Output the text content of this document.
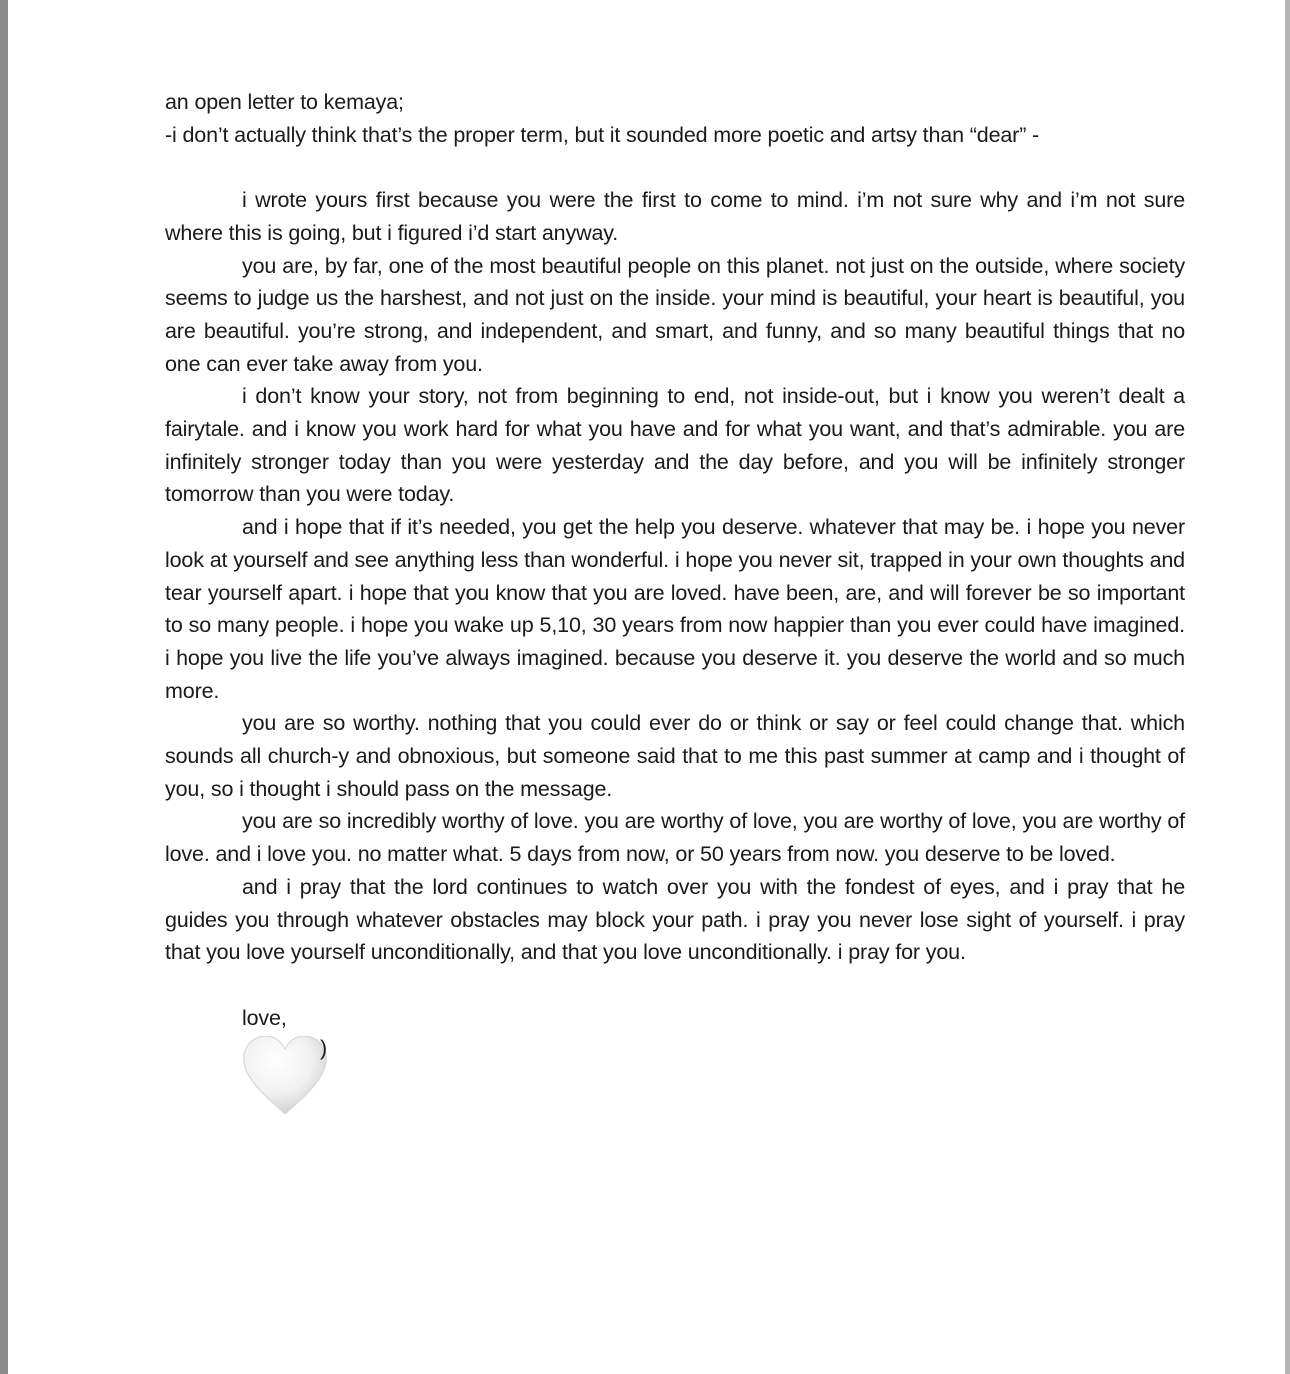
an open letter to kemaya;
-i don’t actually think that’s the proper term, but it sounded more poetic and artsy than “dear” -

i wrote yours first because you were the first to come to mind. i’m not sure why and i’m not sure where this is going, but i figured i’d start anyway.

you are, by far, one of the most beautiful people on this planet. not just on the outside, where society seems to judge us the harshest, and not just on the inside. your mind is beautiful, your heart is beautiful, you are beautiful. you’re strong, and independent, and smart, and funny, and so many beautiful things that no one can ever take away from you.

i don’t know your story, not from beginning to end, not inside-out, but i know you weren’t dealt a fairytale. and i know you work hard for what you have and for what you want, and that’s admirable. you are infinitely stronger today than you were yesterday and the day before, and you will be infinitely stronger tomorrow than you were today.

and i hope that if it’s needed, you get the help you deserve. whatever that may be. i hope you never look at yourself and see anything less than wonderful. i hope you never sit, trapped in your own thoughts and tear yourself apart. i hope that you know that you are loved. have been, are, and will forever be so important to so many people. i hope you wake up 5,10, 30 years from now happier than you ever could have imagined. i hope you live the life you’ve always imagined. because you deserve it. you deserve the world and so much more.

you are so worthy. nothing that you could ever do or think or say or feel could change that. which sounds all church-y and obnoxious, but someone said that to me this past summer at camp and i thought of you, so i thought i should pass on the message.

you are so incredibly worthy of love. you are worthy of love, you are worthy of love, you are worthy of love. and i love you. no matter what. 5 days from now, or 50 years from now. you deserve to be loved.

and i pray that the lord continues to watch over you with the fondest of eyes, and i pray that he guides you through whatever obstacles may block your path. i pray you never lose sight of yourself. i pray that you love yourself unconditionally, and that you love unconditionally. i pray for you.

love,
)
